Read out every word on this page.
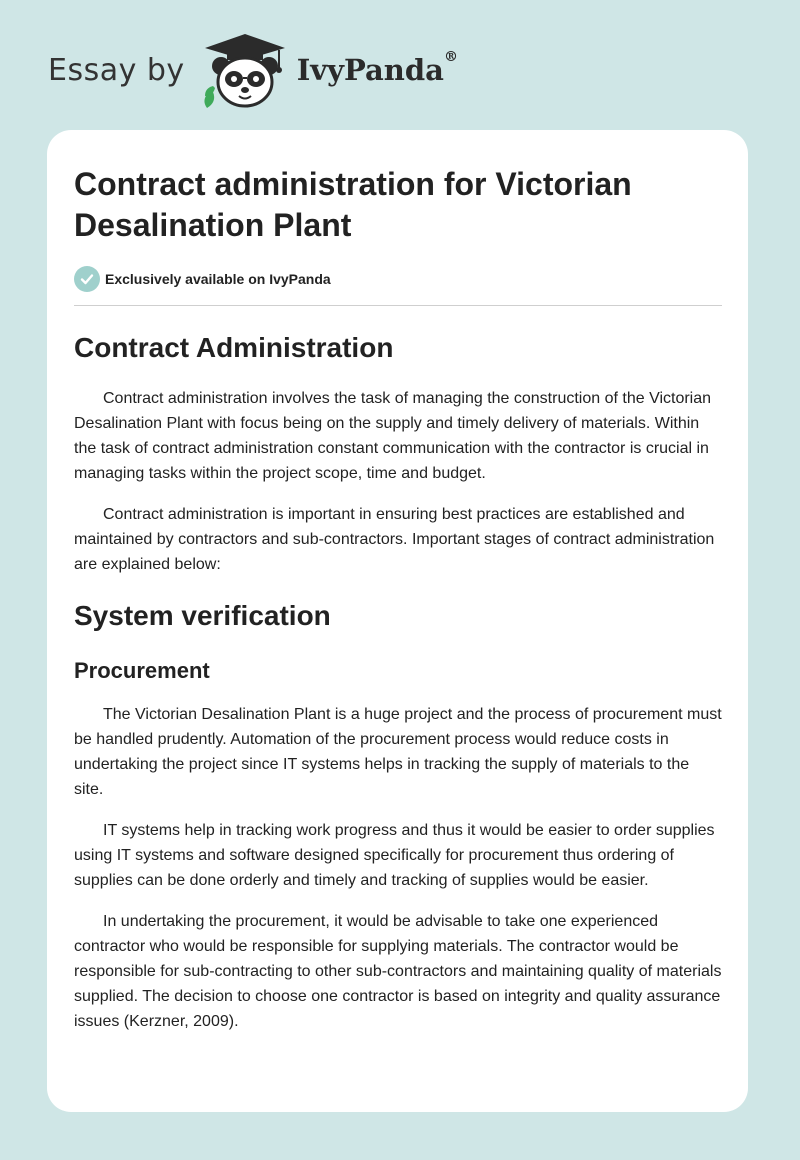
Essay by	IvyPanda®
Contract administration for Victorian Desalination Plant
Exclusively available on IvyPanda
Contract Administration

Contract administration involves the task of managing the construction of the Victorian Desalination Plant with focus being on the supply and timely delivery of materials. Within the task of contract administration constant communication with the contractor is crucial in managing tasks within the project scope, time and budget.

Contract administration is important in ensuring best practices are established and maintained by contractors and sub-contractors. Important stages of contract administration are explained below:

System verification
Procurement

The Victorian Desalination Plant is a huge project and the process of procurement must be handled prudently. Automation of the procurement process would reduce costs in undertaking the project since IT systems helps in tracking the supply of materials to the site.

IT systems help in tracking work progress and thus it would be easier to order supplies using IT systems and software designed specifically for procurement thus ordering of supplies can be done orderly and timely and tracking of supplies would be easier.

In undertaking the procurement, it would be advisable to take one experienced contractor who would be responsible for supplying materials. The contractor would be responsible for sub-contracting to other sub-contractors and maintaining quality of materials supplied. The decision to choose one contractor is based on integrity and quality assurance issues (Kerzner, 2009).
